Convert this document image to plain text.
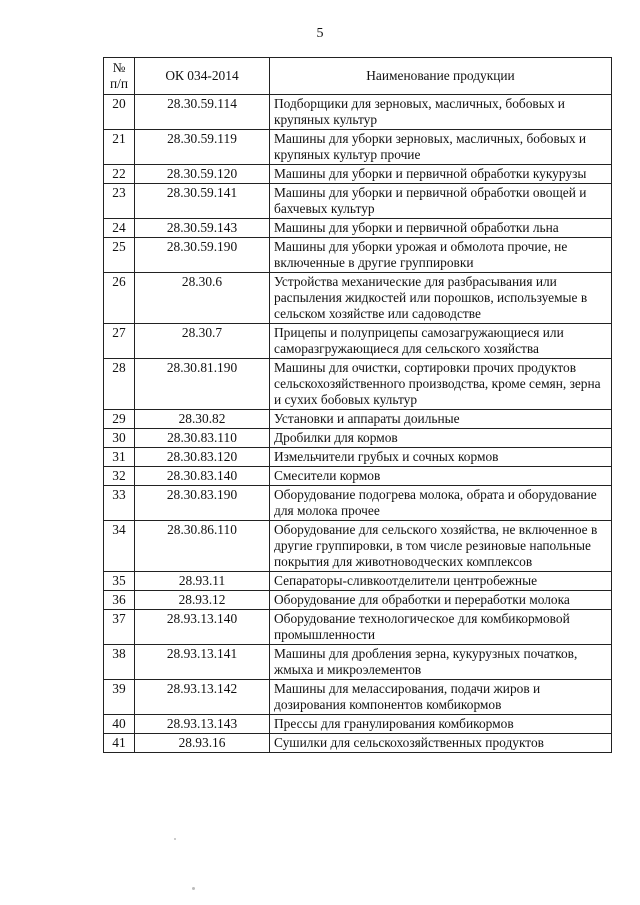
5
№ п/п	ОК 034-2014	Наименование продукции
20	28.30.59.114	Подборщики для зерновых, масличных, бобовых и крупяных культур
21	28.30.59.119	Машины для уборки зерновых, масличных, бобовых и крупяных культур прочие
22	28.30.59.120	Машины для уборки и первичной обработки кукурузы
23	28.30.59.141	Машины для уборки и первичной обработки овощей и бахчевых культур
24	28.30.59.143	Машины для уборки и первичной обработки льна
25	28.30.59.190	Машины для уборки урожая и обмолота прочие, не включенные в другие группировки
26	28.30.6	Устройства механические для разбрасывания или распыления жидкостей или порошков, используемые в сельском хозяйстве или садоводстве
27	28.30.7	Прицепы и полуприцепы самозагружающиеся или саморазгружающиеся для сельского хозяйства
28	28.30.81.190	Машины для очистки, сортировки прочих продуктов сельскохозяйственного производства, кроме семян, зерна и сухих бобовых культур
29	28.30.82	Установки и аппараты доильные
30	28.30.83.110	Дробилки для кормов
31	28.30.83.120	Измельчители грубых и сочных кормов
32	28.30.83.140	Смесители кормов
33	28.30.83.190	Оборудование подогрева молока, обрата и оборудование для молока прочее
34	28.30.86.110	Оборудование для сельского хозяйства, не включенное в другие группировки, в том числе резиновые напольные покрытия для животноводческих комплексов
35	28.93.11	Сепараторы-сливкоотделители центробежные
36	28.93.12	Оборудование для обработки и переработки молока
37	28.93.13.140	Оборудование технологическое для комбикормовой промышленности
38	28.93.13.141	Машины для дробления зерна, кукурузных початков, жмыха и микроэлементов
39	28.93.13.142	Машины для мелассирования, подачи жиров и дозирования компонентов комбикормов
40	28.93.13.143	Прессы для гранулирования комбикормов
41	28.93.16	Сушилки для сельскохозяйственных продуктов
